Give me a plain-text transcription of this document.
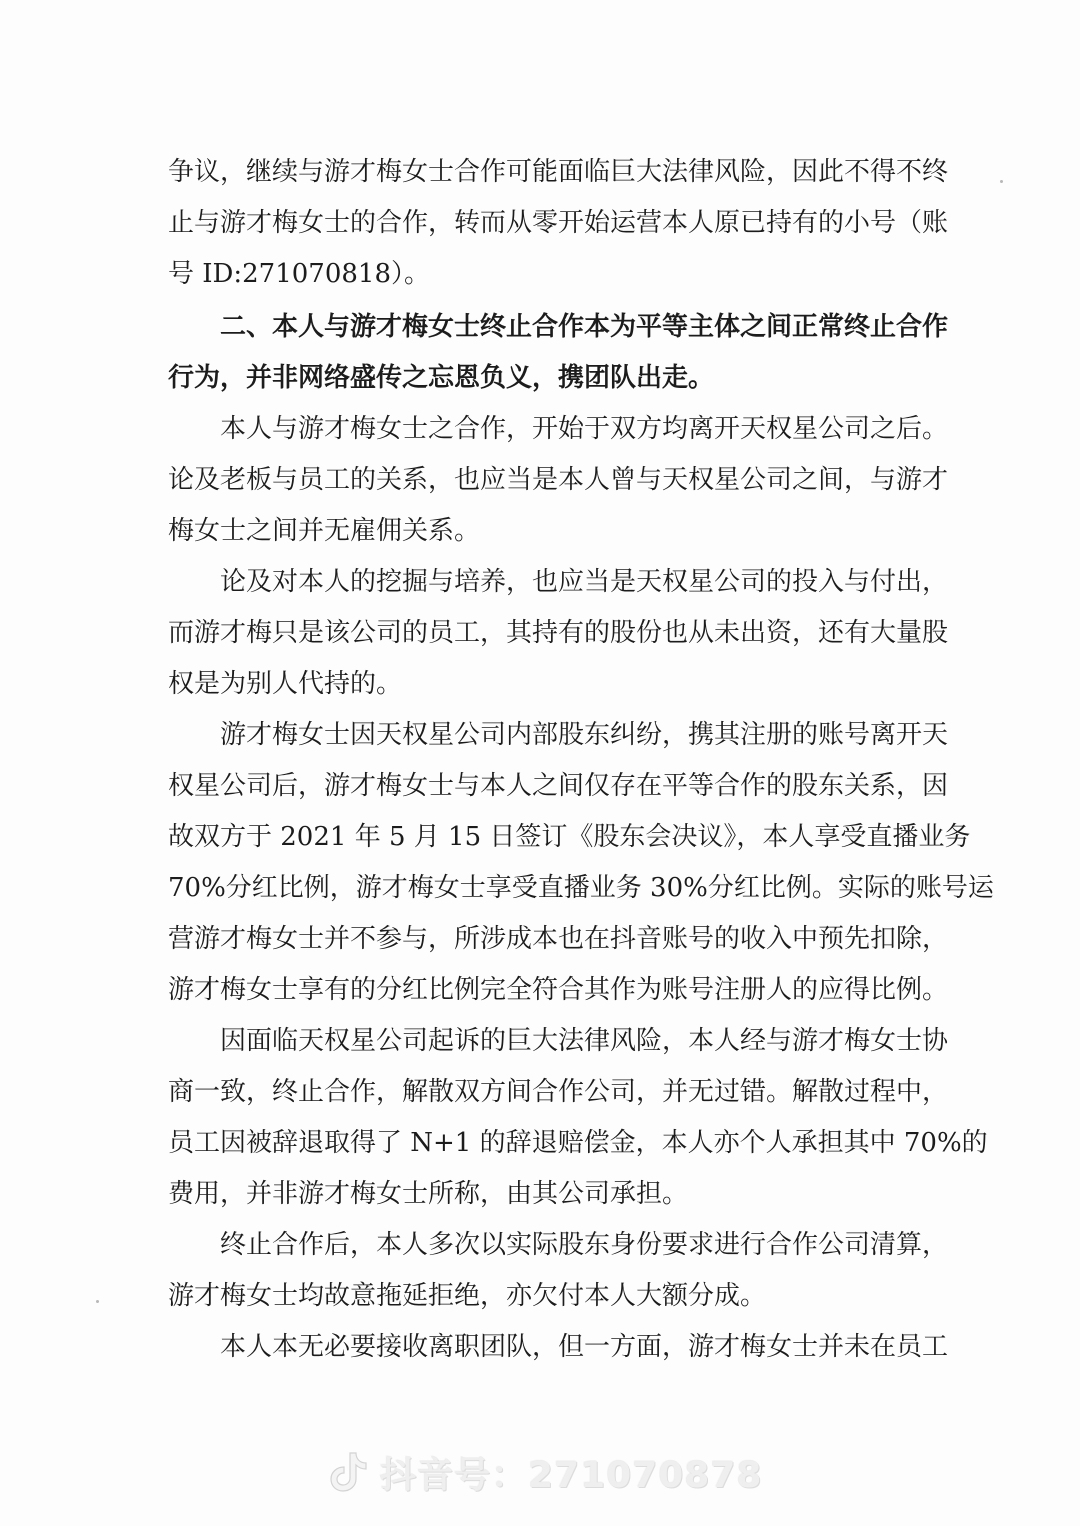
争议，继续与游才梅女士合作可能面临巨大法律风险，因此不得不终
止与游才梅女士的合作，转而从零开始运营本人原已持有的小号（账
号 ID:271070818）。
二、本人与游才梅女士终止合作本为平等主体之间正常终止合作
行为，并非网络盛传之忘恩负义，携团队出走。
本人与游才梅女士之合作，开始于双方均离开天权星公司之后。
论及老板与员工的关系，也应当是本人曾与天权星公司之间，与游才
梅女士之间并无雇佣关系。
论及对本人的挖掘与培养，也应当是天权星公司的投入与付出，
而游才梅只是该公司的员工，其持有的股份也从未出资，还有大量股
权是为别人代持的。
游才梅女士因天权星公司内部股东纠纷，携其注册的账号离开天
权星公司后，游才梅女士与本人之间仅存在平等合作的股东关系，因
故双方于 2021 年 5 月 15 日签订《股东会决议》，本人享受直播业务
70%分红比例，游才梅女士享受直播业务 30%分红比例。实际的账号运
营游才梅女士并不参与，所涉成本也在抖音账号的收入中预先扣除，
游才梅女士享有的分红比例完全符合其作为账号注册人的应得比例。
因面临天权星公司起诉的巨大法律风险，本人经与游才梅女士协
商一致，终止合作，解散双方间合作公司，并无过错。解散过程中，
员工因被辞退取得了 N+1 的辞退赔偿金，本人亦个人承担其中 70%的
费用，并非游才梅女士所称，由其公司承担。
终止合作后，本人多次以实际股东身份要求进行合作公司清算，
游才梅女士均故意拖延拒绝，亦欠付本人大额分成。
本人本无必要接收离职团队，但一方面，游才梅女士并未在员工
抖音号：271070878
